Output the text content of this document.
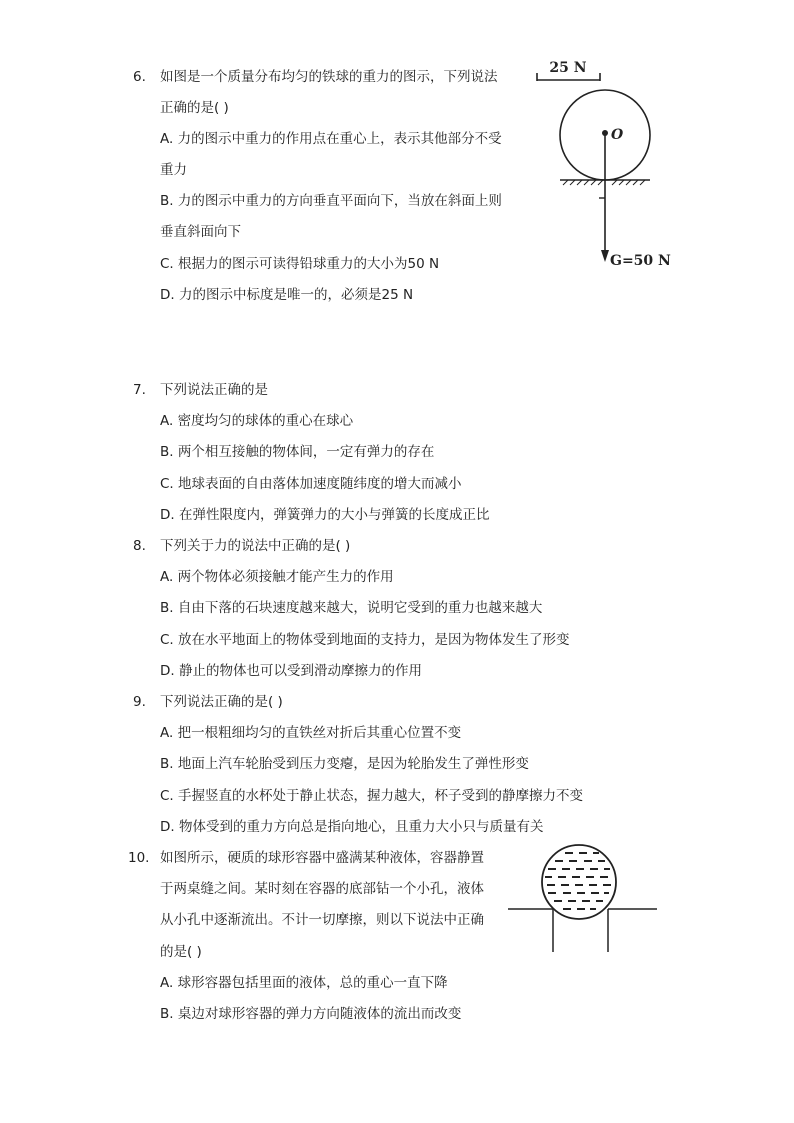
6. 如图是一个质量分布均匀的铁球的重力的图示，下列说法
正确的是( )
A. 力的图示中重力的作用点在重心上，表示其他部分不受
重力
B. 力的图示中重力的方向垂直平面向下，当放在斜面上则
垂直斜面向下
C. 根据力的图示可读得铅球重力的大小为50 N
D. 力的图示中标度是唯一的，必须是25 N
25 N
O
G=50 N
7. 下列说法正确的是
A. 密度均匀的球体的重心在球心
B. 两个相互接触的物体间，一定有弹力的存在
C. 地球表面的自由落体加速度随纬度的增大而减小
D. 在弹性限度内，弹簧弹力的大小与弹簧的长度成正比
8. 下列关于力的说法中正确的是( )
A. 两个物体必须接触才能产生力的作用
B. 自由下落的石块速度越来越大，说明它受到的重力也越来越大
C. 放在水平地面上的物体受到地面的支持力，是因为物体发生了形变
D. 静止的物体也可以受到滑动摩擦力的作用
9. 下列说法正确的是( )
A. 把一根粗细均匀的直铁丝对折后其重心位置不变
B. 地面上汽车轮胎受到压力变瘪，是因为轮胎发生了弹性形变
C. 手握竖直的水杯处于静止状态，握力越大，杯子受到的静摩擦力不变
D. 物体受到的重力方向总是指向地心，且重力大小只与质量有关
10. 如图所示，硬质的球形容器中盛满某种液体，容器静置
于两桌缝之间。某时刻在容器的底部钻一个小孔，液体
从小孔中逐渐流出。不计一切摩擦，则以下说法中正确
的是( )
A. 球形容器包括里面的液体，总的重心一直下降
B. 桌边对球形容器的弹力方向随液体的流出而改变
